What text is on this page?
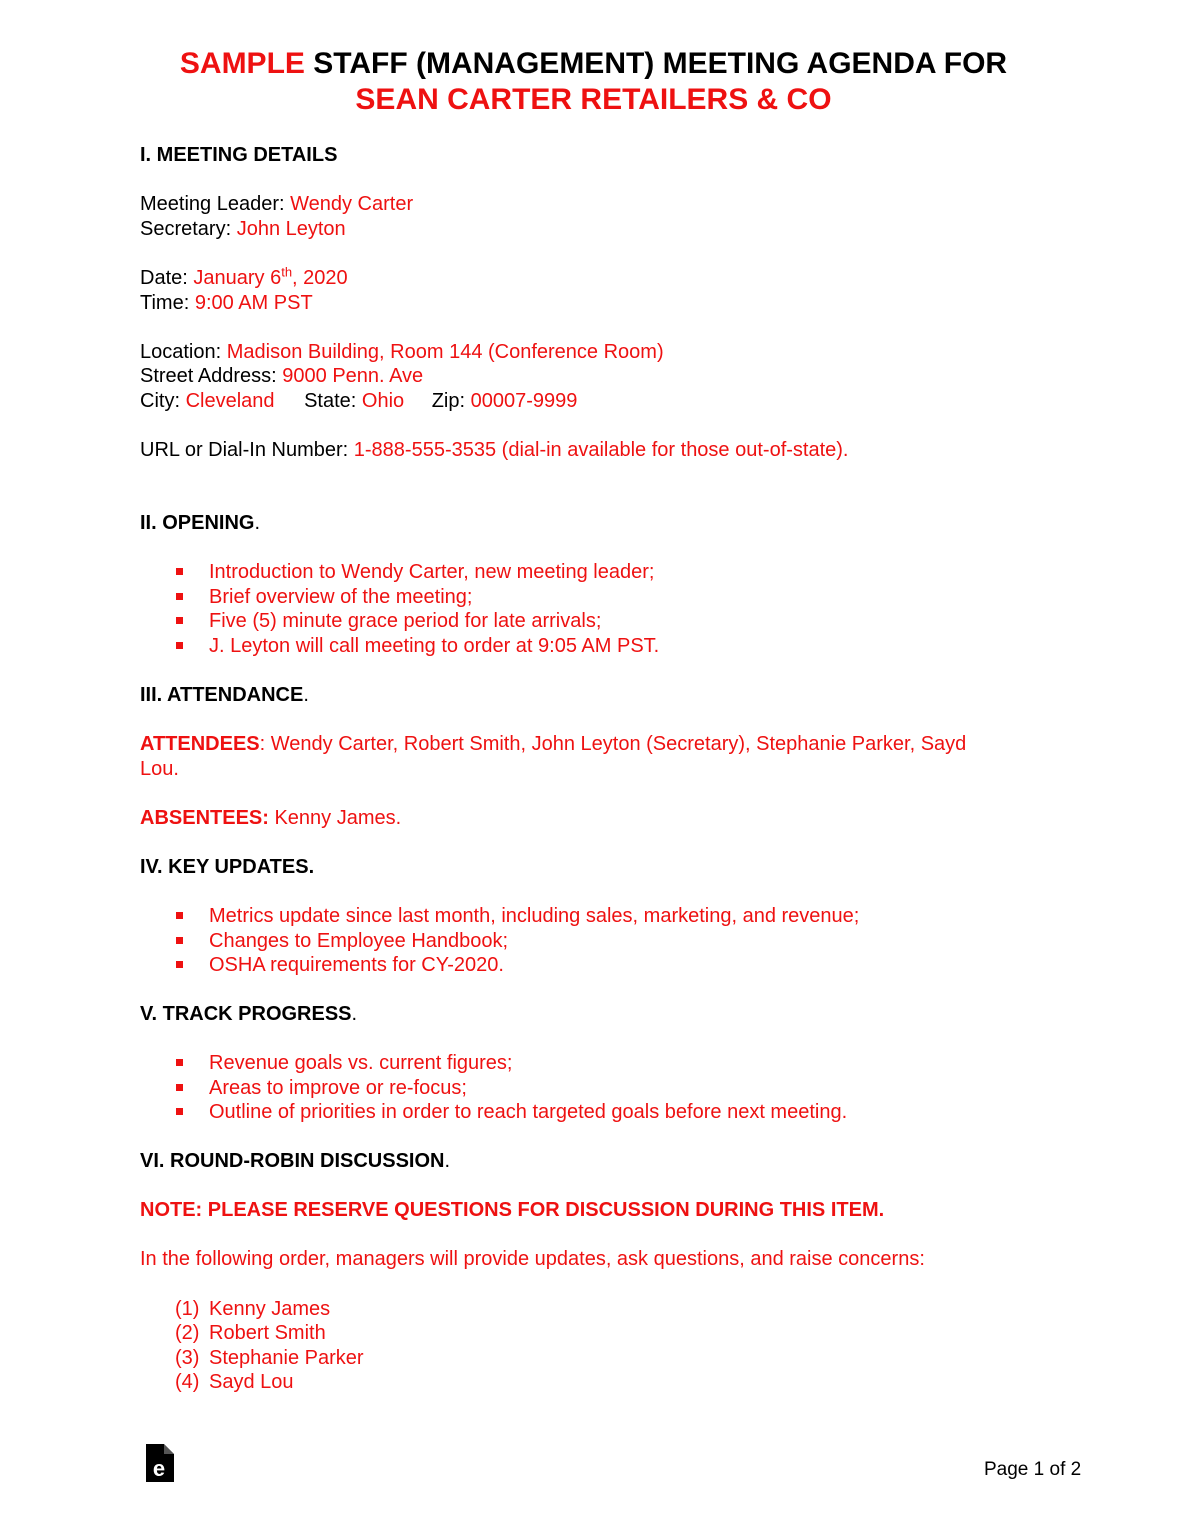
SAMPLE STAFF (MANAGEMENT) MEETING AGENDA FOR
SEAN CARTER RETAILERS & CO
I. MEETING DETAILS
Meeting Leader: Wendy Carter
Secretary: John Leyton
Date: January 6th, 2020
Time: 9:00 AM PST
Location: Madison Building, Room 144 (Conference Room)
Street Address: 9000 Penn. Ave
City: Cleveland State: Ohio Zip: 00007-9999
URL or Dial-In Number: 1-888-555-3535 (dial-in available for those out-of-state).
II. OPENING.
Introduction to Wendy Carter, new meeting leader;
Brief overview of the meeting;
Five (5) minute grace period for late arrivals;
J. Leyton will call meeting to order at 9:05 AM PST.
III. ATTENDANCE.
ATTENDEES: Wendy Carter, Robert Smith, John Leyton (Secretary), Stephanie Parker, Sayd
Lou.
ABSENTEES: Kenny James.
IV. KEY UPDATES.
Metrics update since last month, including sales, marketing, and revenue;
Changes to Employee Handbook;
OSHA requirements for CY-2020.
V. TRACK PROGRESS.
Revenue goals vs. current figures;
Areas to improve or re-focus;
Outline of priorities in order to reach targeted goals before next meeting.
VI. ROUND-ROBIN DISCUSSION.
NOTE: PLEASE RESERVE QUESTIONS FOR DISCUSSION DURING THIS ITEM.
In the following order, managers will provide updates, ask questions, and raise concerns:
(1) Kenny James
(2) Robert Smith
(3) Stephanie Parker
(4) Sayd Lou
e	Page 1 of 2
